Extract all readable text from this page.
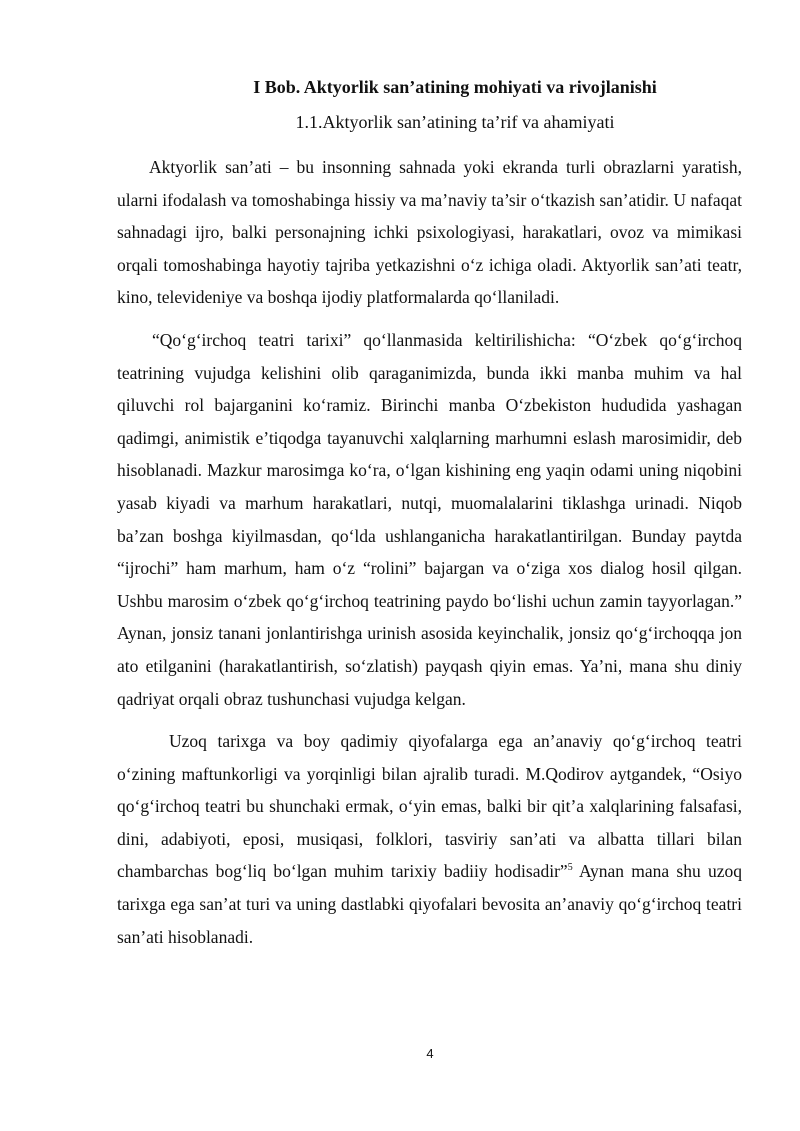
I Bob. Aktyorlik san’atining mohiyati va rivojlanishi
1.1.Aktyorlik san’atining ta’rif va ahamiyati

Aktyorlik san’ati – bu insonning sahnada yoki ekranda turli obrazlarni yaratish, ularni ifodalash va tomoshabinga hissiy va ma’naviy ta’sir o‘tkazish san’atidir. U nafaqat sahnadagi ijro, balki personajning ichki psixologiyasi, harakatlari, ovoz va mimikasi orqali tomoshabinga hayotiy tajriba yetkazishni o‘z ichiga oladi. Aktyorlik san’ati teatr, kino, televideniye va boshqa ijodiy platformalarda qo‘llaniladi.

“Qo‘g‘irchoq teatri tarixi” qo‘llanmasida keltirilishicha: “O‘zbek qo‘g‘irchoq teatrining vujudga kelishini olib qaraganimizda, bunda ikki manba muhim va hal qiluvchi rol bajarganini ko‘ramiz. Birinchi manba O‘zbekiston hududida yashagan qadimgi, animistik e’tiqodga tayanuvchi xalqlarning marhumni eslash marosimidir, deb hisoblanadi. Mazkur marosimga ko‘ra, o‘lgan kishining eng yaqin odami uning niqobini yasab kiyadi va marhum harakatlari, nutqi, muomalalarini tiklashga urinadi. Niqob ba’zan boshga kiyilmasdan, qo‘lda ushlanganicha harakatlantirilgan. Bunday paytda “ijrochi” ham marhum, ham o‘z “rolini” bajargan va o‘ziga xos dialog hosil qilgan. Ushbu marosim o‘zbek qo‘g‘irchoq teatrining paydo bo‘lishi uchun zamin tayyorlagan.” Aynan, jonsiz tanani jonlantirishga urinish asosida keyinchalik, jonsiz qo‘g‘irchoqqa jon ato etilganini (harakatlantirish, so‘zlatish) payqash qiyin emas. Ya’ni, mana shu diniy qadriyat orqali obraz tushunchasi vujudga kelgan.

Uzoq tarixga va boy qadimiy qiyofalarga ega an’anaviy qo‘g‘irchoq teatri o‘zining maftunkorligi va yorqinligi bilan ajralib turadi. M.Qodirov aytgandek, “Osiyo qo‘g‘irchoq teatri bu shunchaki ermak, o‘yin emas, balki bir qit’a xalqlarining falsafasi, dini, adabiyoti, eposi, musiqasi, folklori, tasviriy san’ati va albatta tillari bilan chambarchas bog‘liq bo‘lgan muhim tarixiy badiiy hodisadir”$^5$ Aynan mana shu uzoq tarixga ega san’at turi va uning dastlabki qiyofalari bevosita an’anaviy qo‘g‘irchoq teatri san’ati hisoblanadi.

4
